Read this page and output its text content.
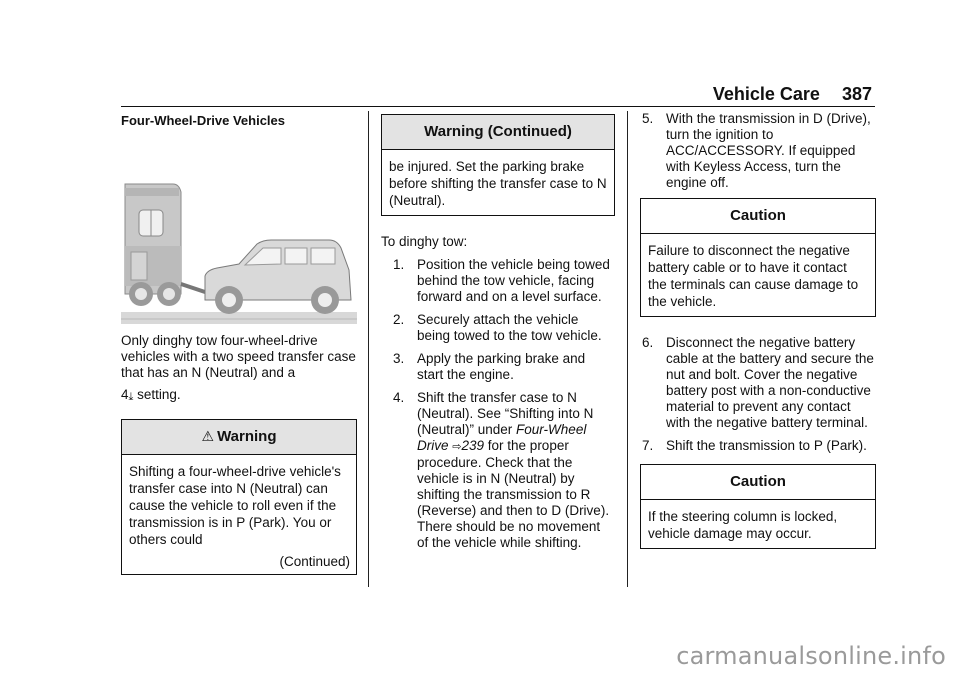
Vehicle Care 387
Four-Wheel-Drive Vehicles
Only dinghy tow four-wheel-drive vehicles with a two speed transfer case that has an N (Neutral) and a 4⤓ setting.
⚠ Warning
Shifting a four-wheel-drive vehicle's transfer case into N (Neutral) can cause the vehicle to roll even if the transmission is in P (Park). You or others could
(Continued)
Warning (Continued)
be injured. Set the parking brake before shifting the transfer case to N (Neutral).
To dinghy tow:
1. Position the vehicle being towed behind the tow vehicle, facing forward and on a level surface.
2. Securely attach the vehicle being towed to the tow vehicle.
3. Apply the parking brake and start the engine.
4. Shift the transfer case to N (Neutral). See “Shifting into N (Neutral)” under Four-Wheel Drive ⇨239 for the proper procedure. Check that the vehicle is in N (Neutral) by shifting the transmission to R (Reverse) and then to D (Drive). There should be no movement of the vehicle while shifting.
5. With the transmission in D (Drive), turn the ignition to ACC/ACCESSORY. If equipped with Keyless Access, turn the engine off.
Caution
Failure to disconnect the negative battery cable or to have it contact the terminals can cause damage to the vehicle.
6. Disconnect the negative battery cable at the battery and secure the nut and bolt. Cover the negative battery post with a non-conductive material to prevent any contact with the negative battery terminal.
7. Shift the transmission to P (Park).
Caution
If the steering column is locked, vehicle damage may occur.
carmanualsonline.info
